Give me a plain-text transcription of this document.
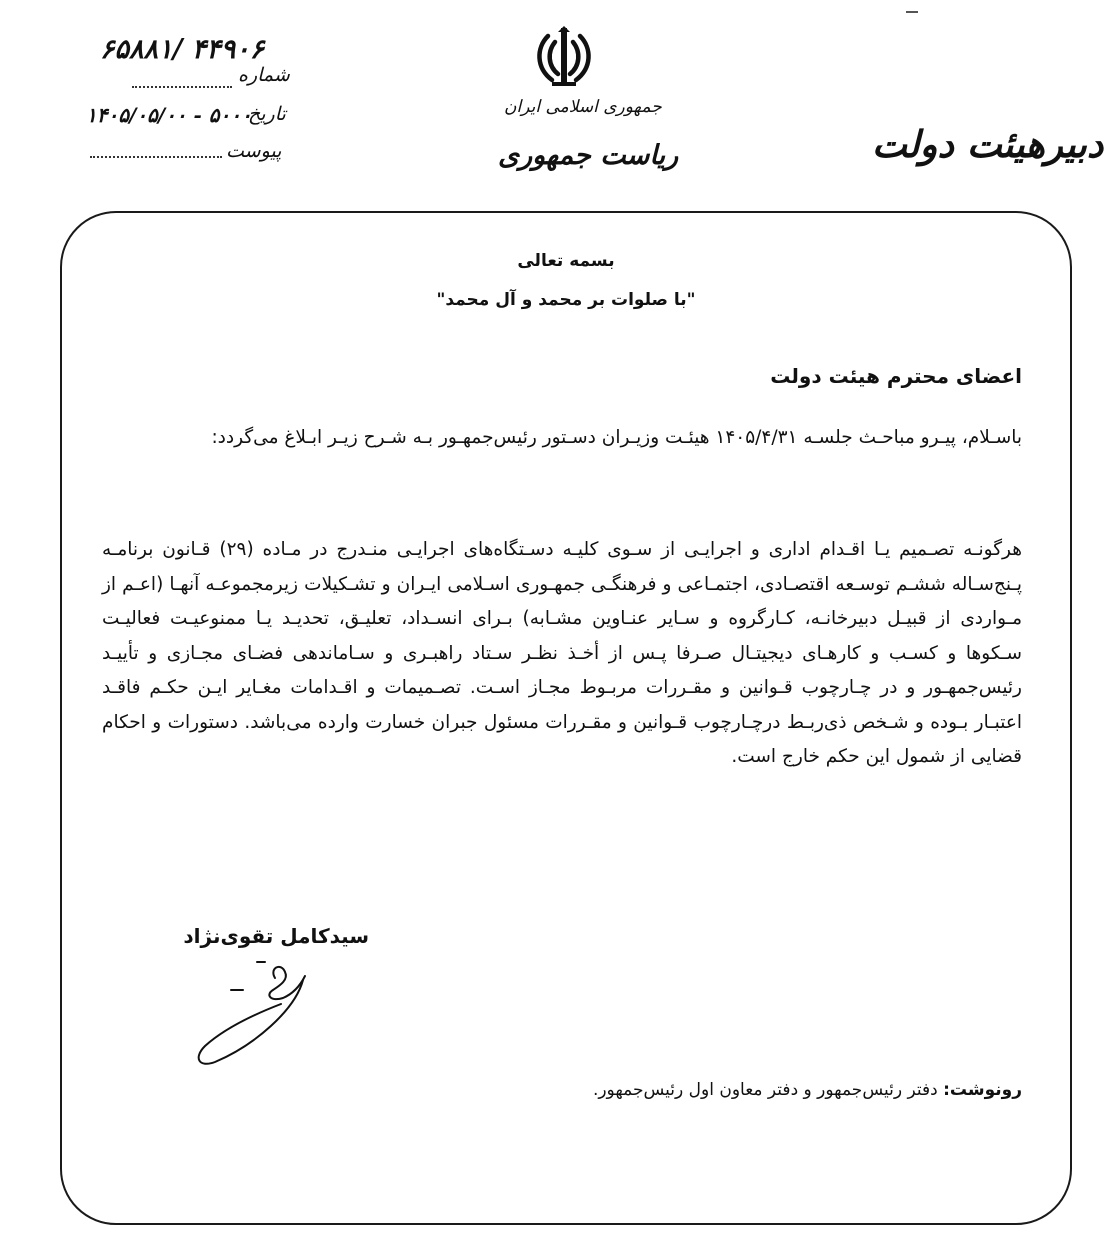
۶۵۸۸۱/ ۴۴۹۰۶
شماره
۱۴۰۵/۰۵/۰۰ - ۵۰۰۰
تاریخ
پیوست
جمهوری اسلامی ایران
ریاست جمهوری	دبیرهیئت دولت
بسمه تعالی
"با صلوات بر محمد و آل محمد"
اعضای محترم هیئت دولت
باسـلام، پیـرو مباحـث جلسـه ۱۴۰۵/۴/۳۱ هیئـت وزیـران دسـتور رئیس‌جمهـور بـه شـرح زیـر ابـلاغ می‌گردد:
هرگونـه تصـمیم یـا اقـدام اداری و اجرایـی از سـوی کلیـه دسـتگاه‌های اجرایـی منـدرج در مـاده (۲۹) قـانون برنامـه پـنج‌سـاله ششـم توسـعه اقتصـادی، اجتمـاعی و فرهنگـی جمهـوری اسـلامی ایـران و تشـکیلات زیرمجموعـه آنهـا (اعـم از مـواردی از قبیـل دبیرخانـه، کـارگروه و سـایر عنـاوین مشـابه) بـرای انسـداد، تعلیـق، تحدیـد یـا ممنوعیـت فعالیـت سـکوها و کسـب و کارهـای دیجیتـال صـرفا پـس از أخـذ نظـر سـتاد راهبـری و سـاماندهی فضـای مجـازی و تأییـد رئیس‌جمهـور و در چـارچوب قـوانین و مقـررات مربـوط مجـاز اسـت. تصـمیمات و اقـدامات مغـایر ایـن حکـم فاقـد اعتبـار بـوده و شـخص ذی‌ربـط درچـارچوب قـوانین و مقـررات مسئول جبران خسارت وارده می‌باشد. دستورات و احکام قضایی از شمول این حکم خارج است.
سیدکامل تقوی‌نژاد
رونوشت: دفتر رئیس‌جمهور و دفتر معاون اول رئیس‌جمهور.
